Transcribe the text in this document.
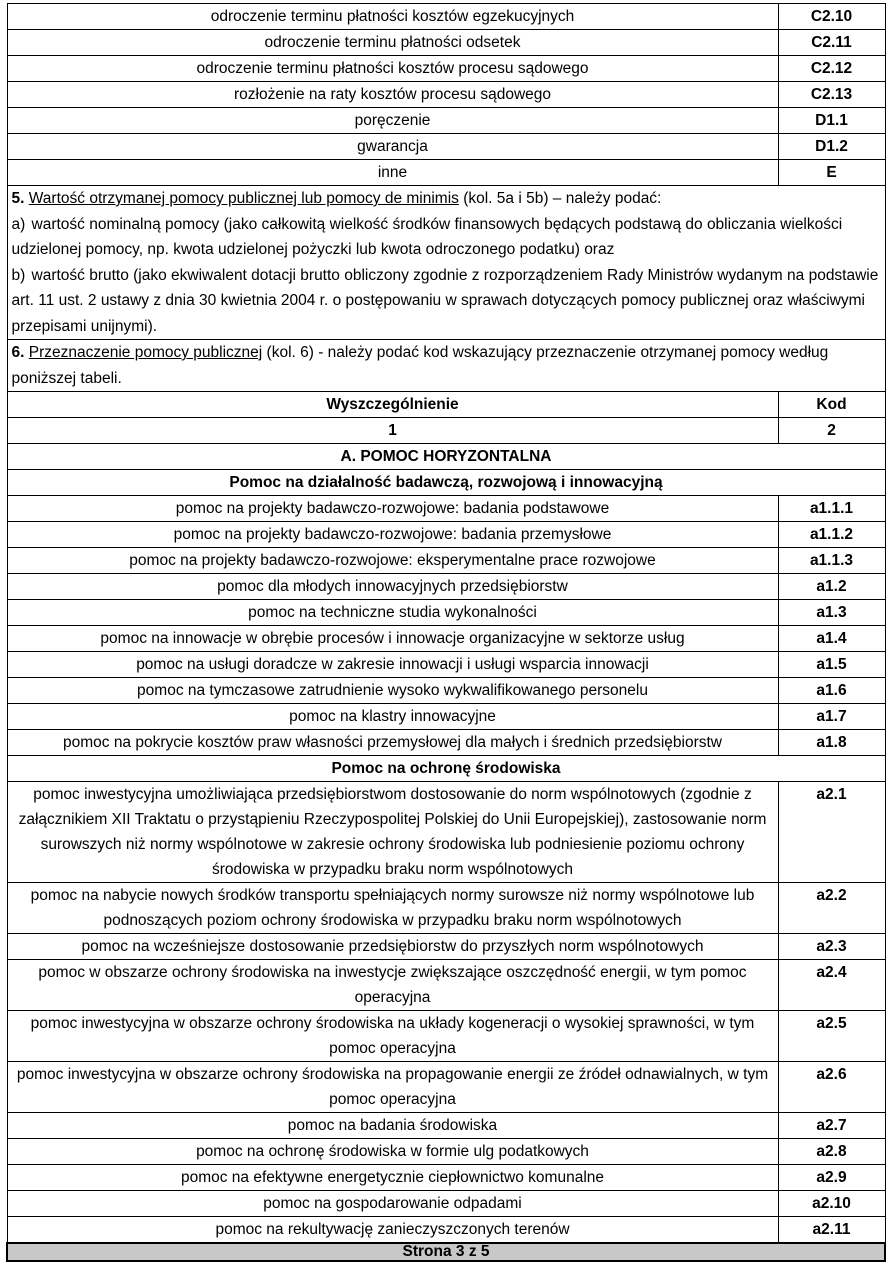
odroczenie terminu płatności kosztów egzekucyjnych	C2.10
odroczenie terminu płatności odsetek	C2.11
odroczenie terminu płatności kosztów procesu sądowego	C2.12
rozłożenie na raty kosztów procesu sądowego	C2.13
poręczenie	D1.1
gwarancja	D1.2
inne	E
5. Wartość otrzymanej pomocy publicznej lub pomocy de minimis (kol. 5a i 5b) – należy podać:
a) wartość nominalną pomocy (jako całkowitą wielkość środków finansowych będących podstawą do obliczania wielkości udzielonej pomocy, np. kwota udzielonej pożyczki lub kwota odroczonego podatku) oraz
b) wartość brutto (jako ekwiwalent dotacji brutto obliczony zgodnie z rozporządzeniem Rady Ministrów wydanym na podstawie art. 11 ust. 2 ustawy z dnia 30 kwietnia 2004 r. o postępowaniu w sprawach dotyczących pomocy publicznej oraz właściwymi przepisami unijnymi).	
6. Przeznaczenie pomocy publicznej (kol. 6) - należy podać kod wskazujący przeznaczenie otrzymanej pomocy według poniższej tabeli.	
Wyszczególnienie	Kod
1	2
A. POMOC HORYZONTALNA	
Pomoc na działalność badawczą, rozwojową i innowacyjną	
pomoc na projekty badawczo-rozwojowe: badania podstawowe	a1.1.1
pomoc na projekty badawczo-rozwojowe: badania przemysłowe	a1.1.2
pomoc na projekty badawczo-rozwojowe: eksperymentalne prace rozwojowe	a1.1.3
pomoc dla młodych innowacyjnych przedsiębiorstw	a1.2
pomoc na techniczne studia wykonalności	a1.3
pomoc na innowacje w obrębie procesów i innowacje organizacyjne w sektorze usług	a1.4
pomoc na usługi doradcze w zakresie innowacji i usługi wsparcia innowacji	a1.5
pomoc na tymczasowe zatrudnienie wysoko wykwalifikowanego personelu	a1.6
pomoc na klastry innowacyjne	a1.7
pomoc na pokrycie kosztów praw własności przemysłowej dla małych i średnich przedsiębiorstw	a1.8
Pomoc na ochronę środowiska	
pomoc inwestycyjna umożliwiająca przedsiębiorstwom dostosowanie do norm wspólnotowych (zgodnie z załącznikiem XII Traktatu o przystąpieniu Rzeczypospolitej Polskiej do Unii Europejskiej), zastosowanie norm surowszych niż normy wspólnotowe w zakresie ochrony środowiska lub podniesienie poziomu ochrony środowiska w przypadku braku norm wspólnotowych	a2.1
pomoc na nabycie nowych środków transportu spełniających normy surowsze niż normy wspólnotowe lub podnoszących poziom ochrony środowiska w przypadku braku norm wspólnotowych	a2.2
pomoc na wcześniejsze dostosowanie przedsiębiorstw do przyszłych norm wspólnotowych	a2.3
pomoc w obszarze ochrony środowiska na inwestycje zwiększające oszczędność energii, w tym pomoc operacyjna	a2.4
pomoc inwestycyjna w obszarze ochrony środowiska na układy kogeneracji o wysokiej sprawności, w tym pomoc operacyjna	a2.5
pomoc inwestycyjna w obszarze ochrony środowiska na propagowanie energii ze źródeł odnawialnych, w tym pomoc operacyjna	a2.6
pomoc na badania środowiska	a2.7
pomoc na ochronę środowiska w formie ulg podatkowych	a2.8
pomoc na efektywne energetycznie ciepłownictwo komunalne	a2.9
pomoc na gospodarowanie odpadami	a2.10
pomoc na rekultywację zanieczyszczonych terenów	a2.11
Strona 3 z 5	
